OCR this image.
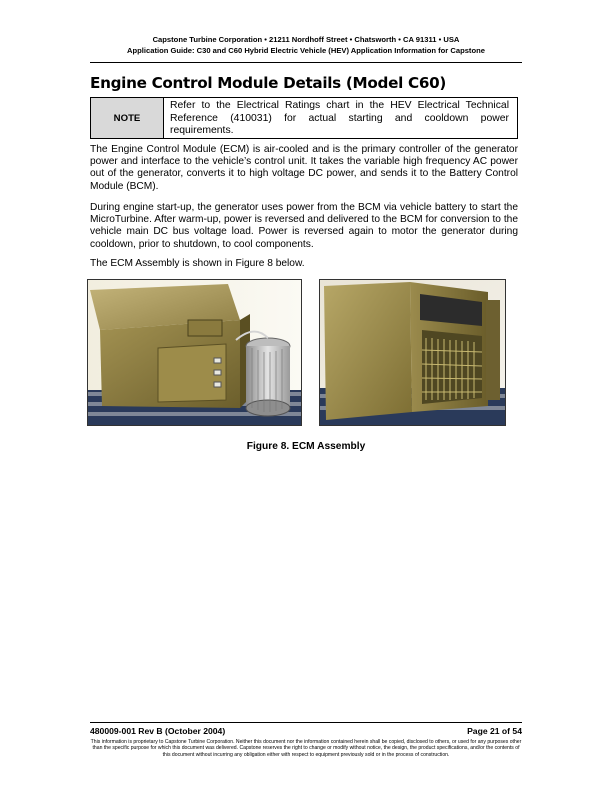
Capstone Turbine Corporation • 21211 Nordhoff Street • Chatsworth • CA 91311 • USA
Application Guide: C30 and C60 Hybrid Electric Vehicle (HEV) Application Information for Capstone
Engine Control Module Details (Model C60)
NOTE
Refer to the Electrical Ratings chart in the HEV Electrical Technical Reference (410031) for actual starting and cooldown power requirements.

The Engine Control Module (ECM) is air-cooled and is the primary controller of the generator power and interface to the vehicle’s control unit. It takes the variable high frequency AC power out of the generator, converts it to high voltage DC power, and sends it to the Battery Control Module (BCM).

During engine start-up, the generator uses power from the BCM via vehicle battery to start the MicroTurbine. After warm-up, power is reversed and delivered to the BCM for conversion to the vehicle main DC bus voltage load. Power is reversed again to motor the generator during cooldown, prior to shutdown, to cool components.

The ECM Assembly is shown in Figure 8 below.

Figure 8. ECM Assembly
480009-001 Rev B (October 2004)	Page 21 of 54
This information is proprietary to Capstone Turbine Corporation. Neither this document nor the information contained herein shall be copied, disclosed to others, or used for any purposes other than the specific purpose for which this document was delivered. Capstone reserves the right to change or modify without notice, the design, the product specifications, and/or the contents of this document without incurring any obligation either with respect to equipment previously sold or in the process of construction.
